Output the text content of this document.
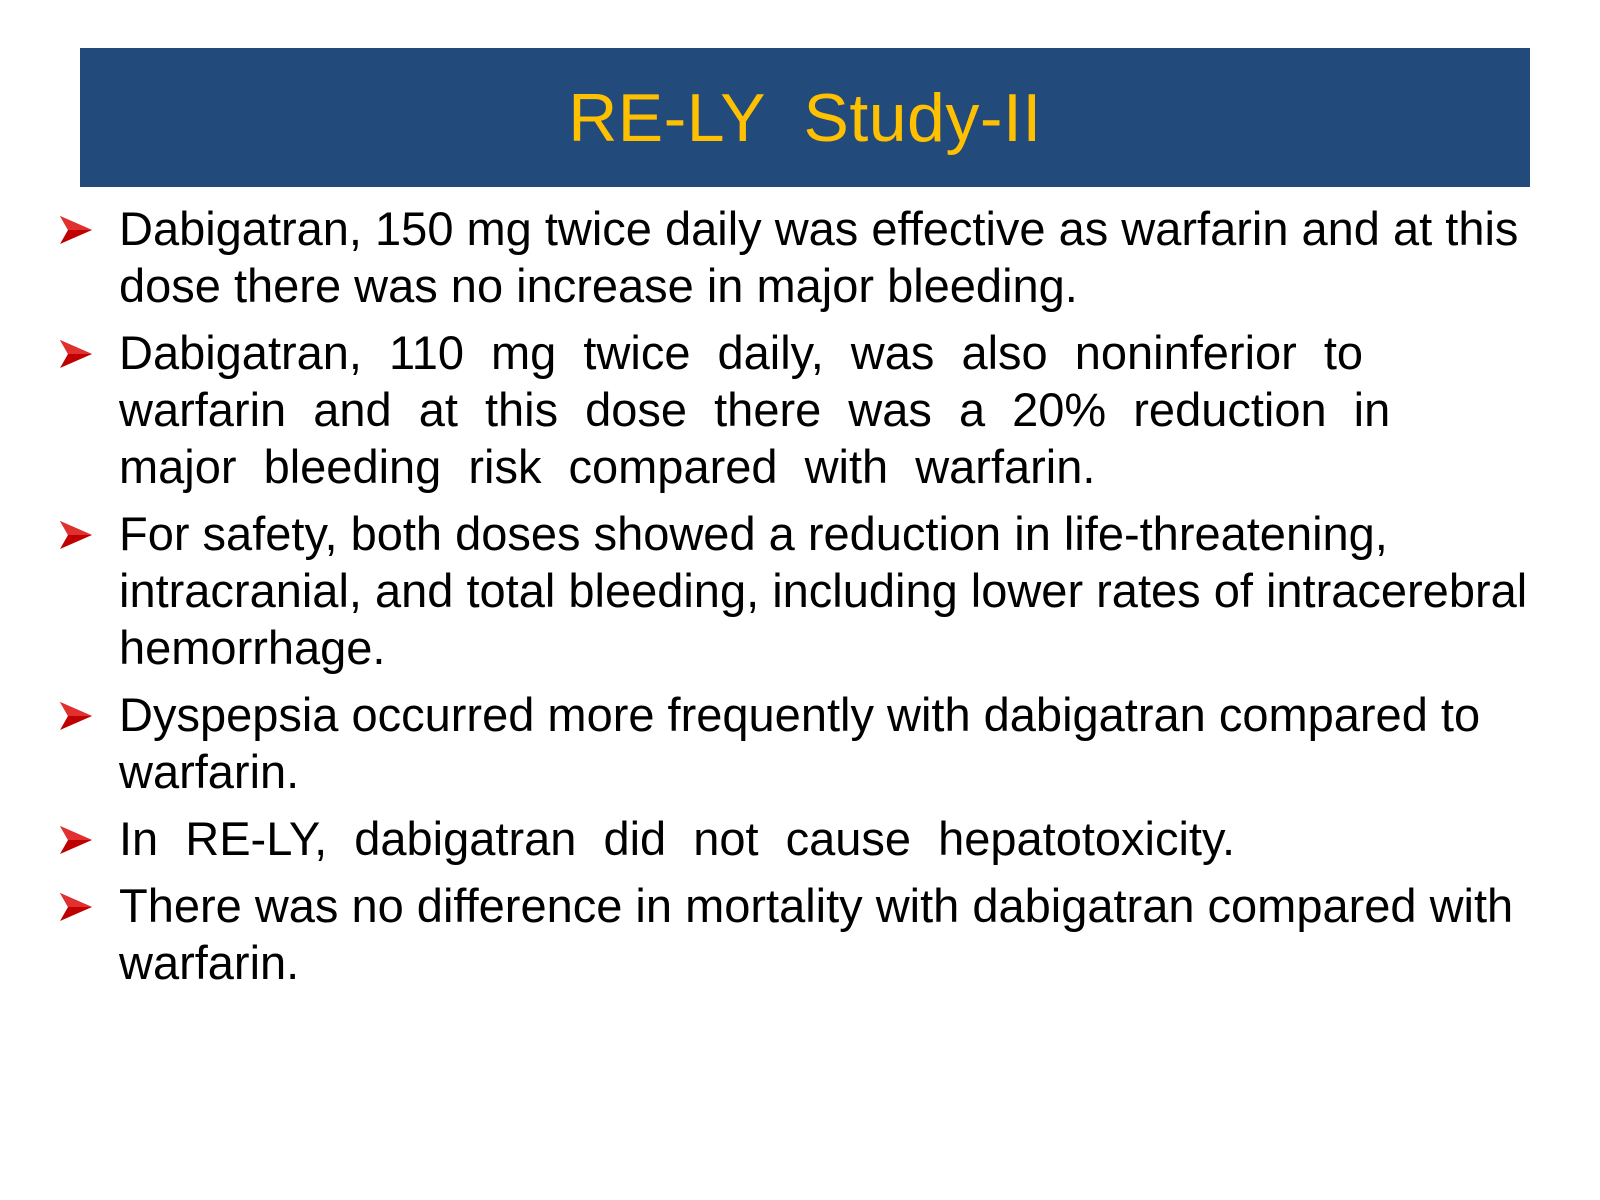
RE-LY  Study-II
Dabigatran, 150 mg twice daily was effective as warfarin and at this dose there was no increase in major bleeding.
Dabigatran, 110 mg twice daily, was also noninferior to warfarin and at this dose there was a 20% reduction in major bleeding risk compared with warfarin.
For safety, both doses showed a reduction in life-threatening, intracranial, and total bleeding, including lower rates of intracerebral hemorrhage.
Dyspepsia occurred more frequently with dabigatran compared to warfarin.
In RE-LY, dabigatran did not cause hepatotoxicity.
There was no difference in mortality with dabigatran compared with warfarin.
